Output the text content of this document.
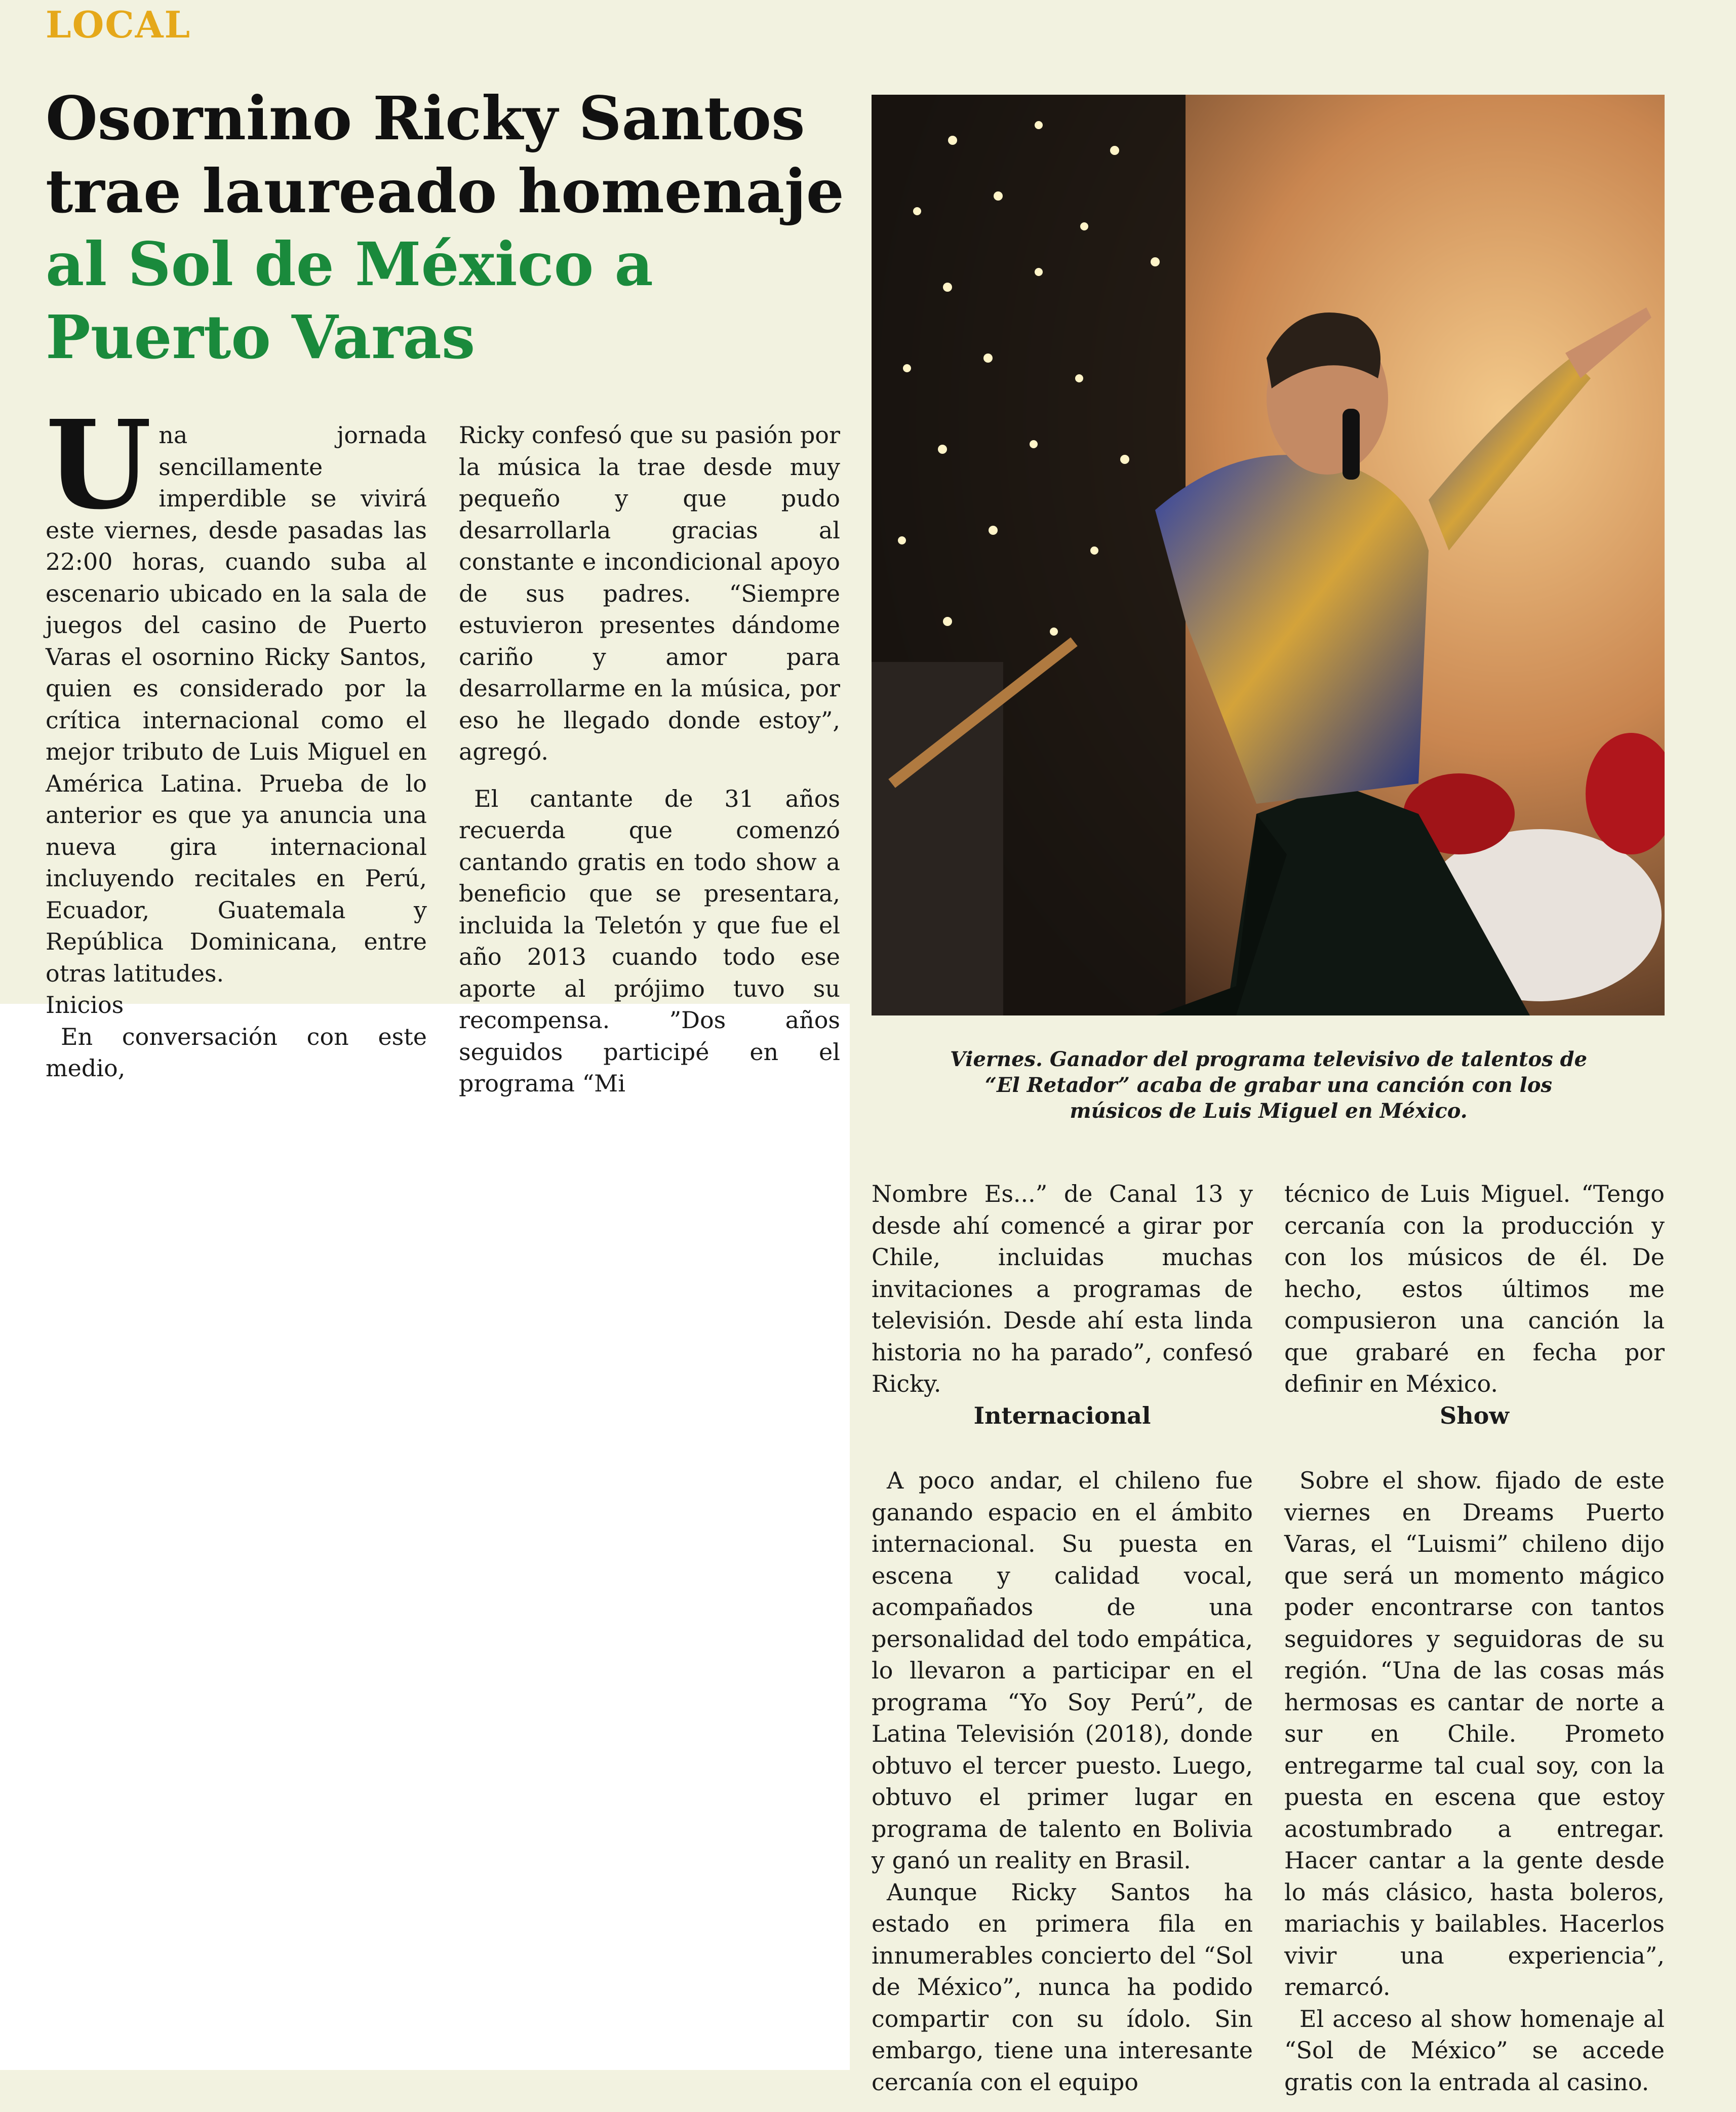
LOCAL
Osornino Ricky Santos
trae laureado homenaje
al Sol de México a
Puerto Varas

Una jornada sencillamente imperdible se vivirá este viernes, desde pasadas las 22:00 horas, cuando suba al escenario ubicado en la sala de juegos del casino de Puerto Varas el osornino Ricky Santos, quien es considerado por la crítica internacional como el mejor tributo de Luis Miguel en América Latina. Prueba de lo anterior es que ya anuncia una nueva gira internacional incluyendo recitales en Perú, Ecuador, Guatemala y República Dominicana, entre otras latitudes.

Inicios

En conversación con este medio,

Ricky confesó que su pasión por la música la trae desde muy pequeño y que pudo desarrollarla gracias al constante e incondicional apoyo de sus padres. “Siempre estuvieron presentes dándome cariño y amor para desarrollarme en la música, por eso he llegado donde estoy”, agregó.

El cantante de 31 años recuerda que comenzó cantando gratis en todo show a beneficio que se presentara, incluida la Teletón y que fue el año 2013 cuando todo ese aporte al prójimo tuvo su recompensa. ”Dos años seguidos participé en el programa “Mi

Viernes. Ganador del programa televisivo de talentos de “El Retador” acaba de grabar una canción con los músicos de Luis Miguel en México.

Nombre Es...” de Canal 13 y desde ahí comencé a girar por Chile, incluidas muchas invitaciones a programas de televisión. Desde ahí esta linda historia no ha parado”, confesó Ricky.

Internacional

A poco andar, el chileno fue ganando espacio en el ámbito internacional. Su puesta en escena y calidad vocal, acompañados de una personalidad del todo empática, lo llevaron a participar en el programa “Yo Soy Perú”, de Latina Televisión (2018), donde obtuvo el tercer puesto. Luego, obtuvo el primer lugar en programa de talento en Bolivia y ganó un reality en Brasil.

Aunque Ricky Santos ha estado en primera fila en innumerables concierto del “Sol de México”, nunca ha podido compartir con su ídolo. Sin embargo, tiene una interesante cercanía con el equipo

técnico de Luis Miguel. “Tengo cercanía con la producción y con los músicos de él. De hecho, estos últimos me compusieron una canción la que grabaré en fecha por definir en México.

Show

Sobre el show. fijado de este viernes en Dreams Puerto Varas, el “Luismi” chileno dijo que será un momento mágico poder encontrarse con tantos seguidores y seguidoras de su región. “Una de las cosas más hermosas es cantar de norte a sur en Chile. Prometo entregarme tal cual soy, con la puesta en escena que estoy acostumbrado a entregar. Hacer cantar a la gente desde lo más clásico, hasta boleros, mariachis y bailables. Hacerlos vivir una experiencia”, remarcó.

El acceso al show homenaje al “Sol de México” se accede gratis con la entrada al casino.
